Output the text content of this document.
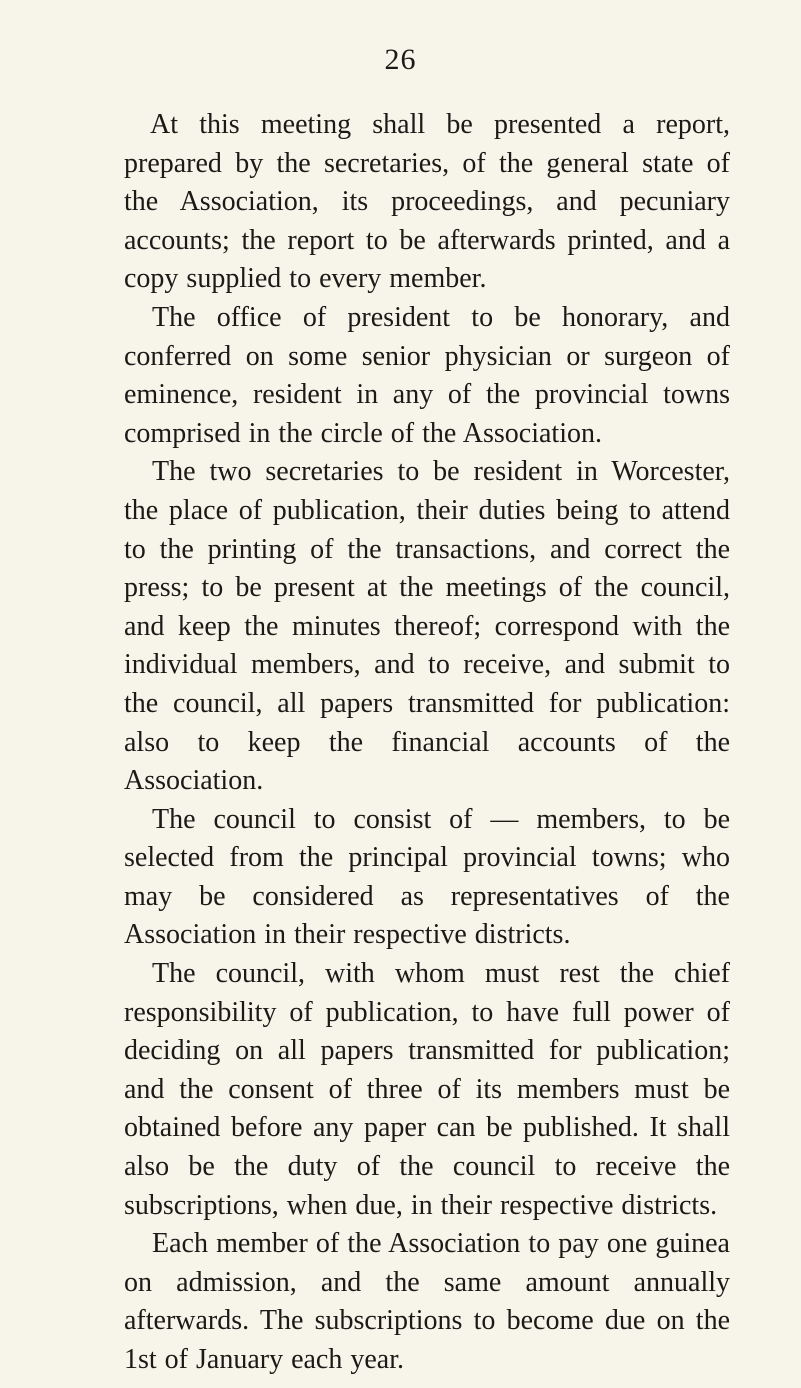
26

At this meeting shall be presented a report, prepared by the secretaries, of the general state of the Association, its proceedings, and pecuniary accounts; the report to be afterwards printed, and a copy supplied to every member.

The office of president to be honorary, and conferred on some senior physician or surgeon of eminence, resident in any of the provincial towns comprised in the circle of the Association.

The two secretaries to be resident in Worcester, the place of publication, their duties being to attend to the printing of the transactions, and correct the press; to be present at the meetings of the council, and keep the minutes thereof; correspond with the individual members, and to receive, and submit to the council, all papers transmitted for publication: also to keep the financial accounts of the Association.

The council to consist of — members, to be selected from the principal provincial towns; who may be considered as representatives of the Association in their respective districts.

The council, with whom must rest the chief responsibility of publication, to have full power of deciding on all papers transmitted for publication; and the consent of three of its members must be obtained before any paper can be published. It shall also be the duty of the council to receive the subscriptions, when due, in their respective districts.

Each member of the Association to pay one guinea on admission, and the same amount annually afterwards. The subscriptions to become due on the 1st of January each year.
